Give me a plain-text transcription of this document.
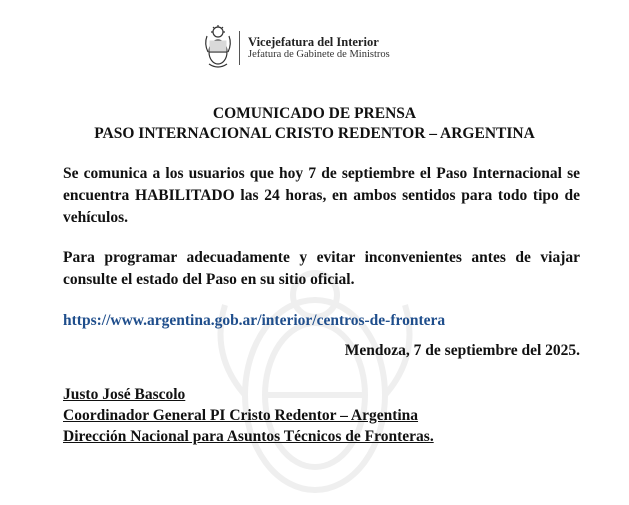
Vicejefatura del Interior
Jefatura de Gabinete de Ministros
COMUNICADO DE PRENSA
PASO INTERNACIONAL CRISTO REDENTOR – ARGENTINA
Se comunica a los usuarios que hoy 7 de septiembre el Paso Internacional se encuentra HABILITADO las 24 horas, en ambos sentidos para todo tipo de vehículos.
Para programar adecuadamente y evitar inconvenientes antes de viajar consulte el estado del Paso en su sitio oficial.
https://www.argentina.gob.ar/interior/centros-de-frontera
Mendoza, 7 de septiembre del 2025.
Justo José Bascolo
Coordinador General PI Cristo Redentor – Argentina
Dirección Nacional para Asuntos Técnicos de Fronteras.
